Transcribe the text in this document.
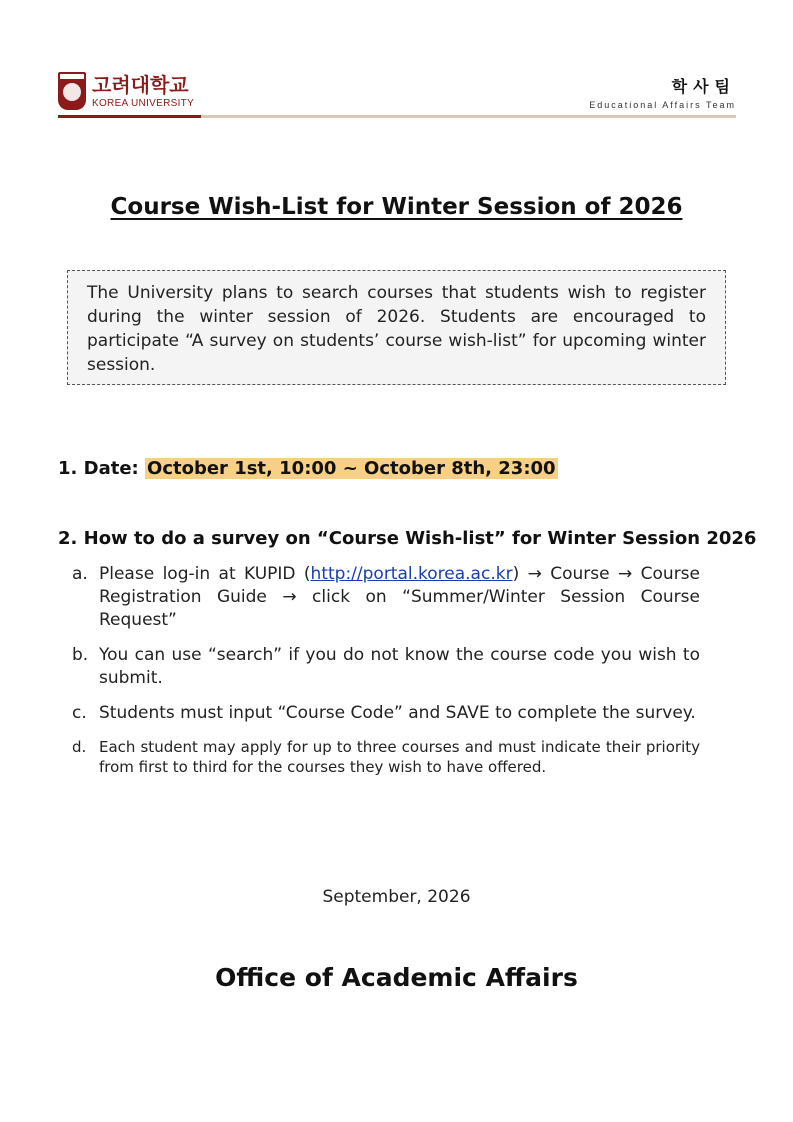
고려대학교
KOREA UNIVERSITY
학사팀
Educational Affairs Team
Course Wish-List for Winter Session of 2026
The University plans to search courses that students wish to register during the winter session of 2026. Students are encouraged to participate “A survey on students’ course wish-list” for upcoming winter session.
1. Date: October 1st, 10:00 ~ October 8th, 23:00
2. How to do a survey on “Course Wish-list” for Winter Session 2026
a. Please log-in at KUPID (http://portal.korea.ac.kr) → Course → Course Registration Guide → click on “Summer/Winter Session Course Request”
b. You can use “search” if you do not know the course code you wish to submit.
c. Students must input “Course Code” and SAVE to complete the survey.
d. Each student may apply for up to three courses and must indicate their priority from first to third for the courses they wish to have offered.
September, 2026
Office of Academic Affairs
